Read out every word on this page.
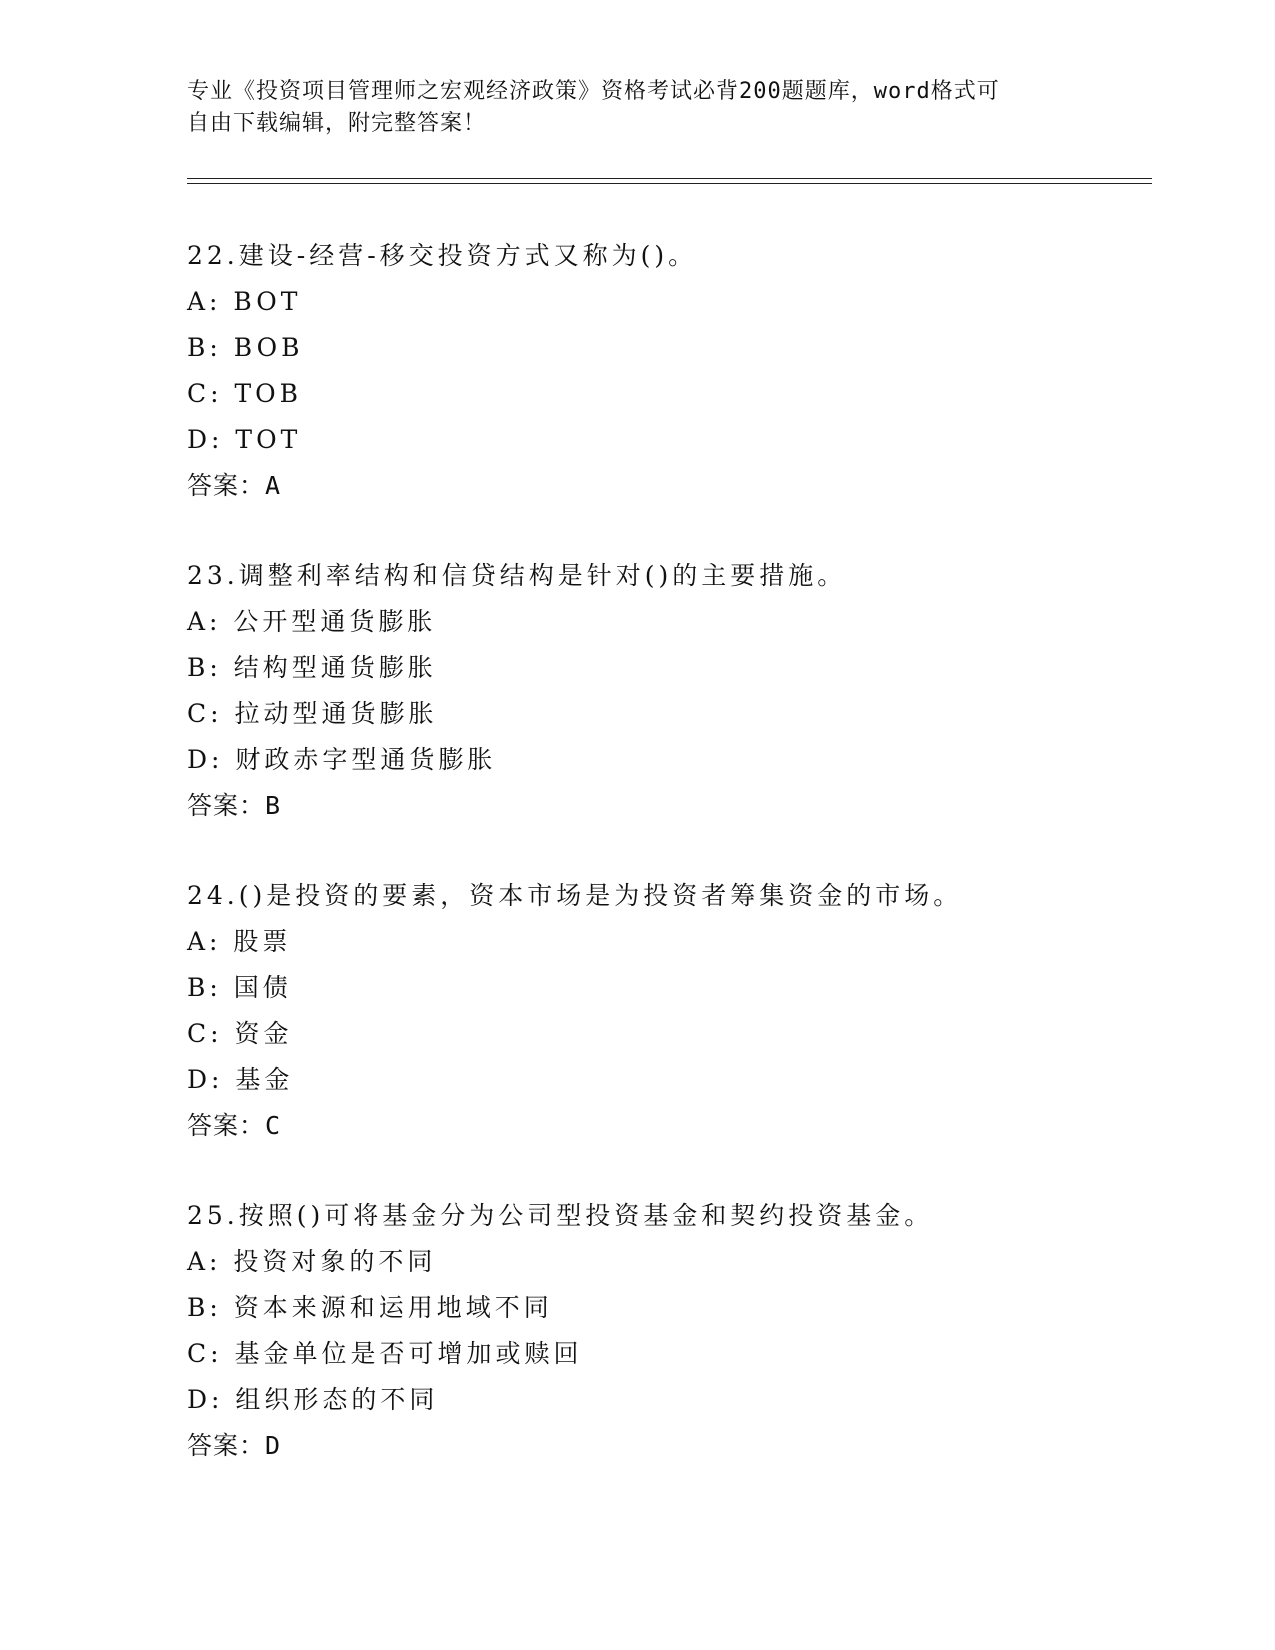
专业《投资项目管理师之宏观经济政策》资格考试必背200题题库，word格式可
自由下载编辑，附完整答案！
22.建设-经营-移交投资方式又称为()。
A: BOT
B: BOB
C: TOB
D: TOT
答案：A
23.调整利率结构和信贷结构是针对()的主要措施。
A: 公开型通货膨胀
B: 结构型通货膨胀
C: 拉动型通货膨胀
D: 财政赤字型通货膨胀
答案：B
24.()是投资的要素，资本市场是为投资者筹集资金的市场。
A: 股票
B: 国债
C: 资金
D: 基金
答案：C
25.按照()可将基金分为公司型投资基金和契约投资基金。
A: 投资对象的不同
B: 资本来源和运用地域不同
C: 基金单位是否可增加或赎回
D: 组织形态的不同
答案：D
